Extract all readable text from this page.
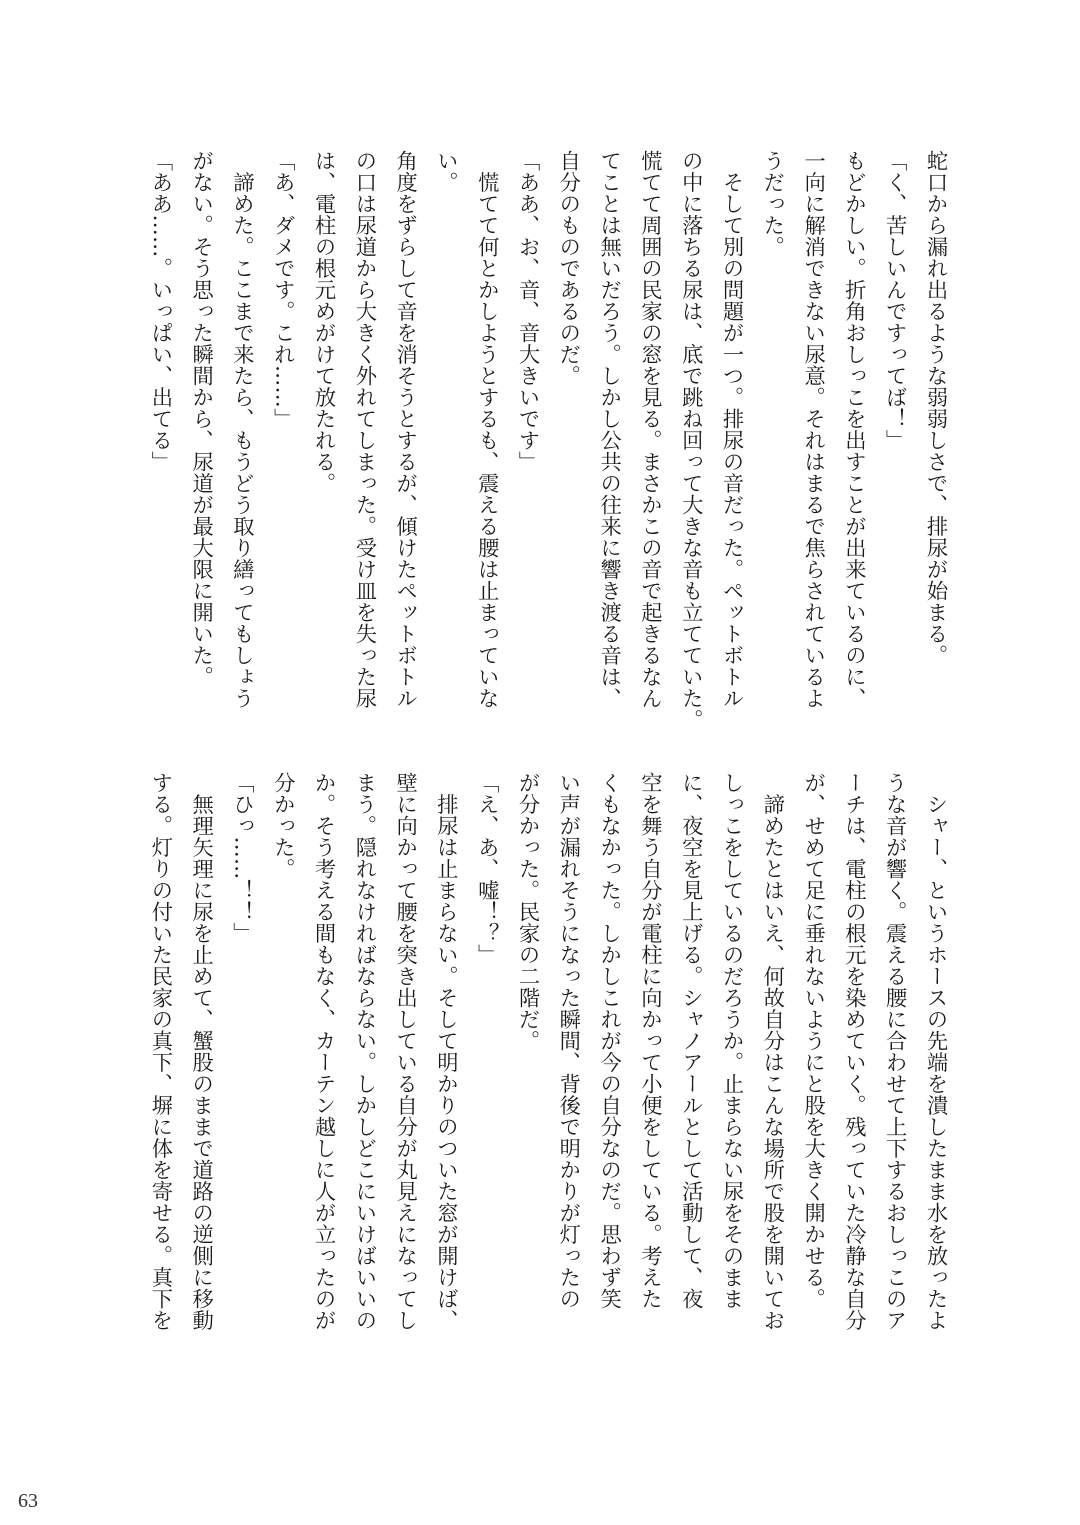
蛇口から漏れ出るような弱弱しさで、排尿が始まる。
「く、苦しいんですってば！」
もどかしい。折角おしっこを出すことが出来ているのに、
一向に解消できない尿意。それはまるで焦らされているよ
うだった。
　そして別の問題が一つ。排尿の音だった。ペットボトル
の中に落ちる尿は、底で跳ね回って大きな音も立てていた。
慌てて周囲の民家の窓を見る。まさかこの音で起きるなん
てことは無いだろう。しかし公共の往来に響き渡る音は、
自分のものであるのだ。
「ああ、お、音、音大きいです」
　慌てて何とかしようとするも、震える腰は止まっていな
い。
角度をずらして音を消そうとするが、傾けたペットボトル
の口は尿道から大きく外れてしまった。受け皿を失った尿
は、電柱の根元めがけて放たれる。
「あ、ダメです。これ……」
　諦めた。ここまで来たら、もうどう取り繕ってもしょう
がない。そう思った瞬間から、尿道が最大限に開いた。
「ああ……。いっぱい、出てる」
　シャー、というホースの先端を潰したまま水を放ったよ
うな音が響く。震える腰に合わせて上下するおしっこのア
ーチは、電柱の根元を染めていく。残っていた冷静な自分
が、せめて足に垂れないようにと股を大きく開かせる。
　諦めたとはいえ、何故自分はこんな場所で股を開いてお
しっこをしているのだろうか。止まらない尿をそのまま
に、夜空を見上げる。シャノアールとして活動して、夜
空を舞う自分が電柱に向かって小便をしている。考えた
くもなかった。しかしこれが今の自分なのだ。思わず笑
い声が漏れそうになった瞬間、背後で明かりが灯ったの
が分かった。民家の二階だ。
「え、あ、嘘！？」
　排尿は止まらない。そして明かりのついた窓が開けば、
壁に向かって腰を突き出している自分が丸見えになってし
まう。隠れなければならない。しかしどこにいけばいいの
か。そう考える間もなく、カーテン越しに人が立ったのが
分かった。
「ひっ……！！」
　無理矢理に尿を止めて、蟹股のままで道路の逆側に移動
する。灯りの付いた民家の真下、塀に体を寄せる。真下を
63
